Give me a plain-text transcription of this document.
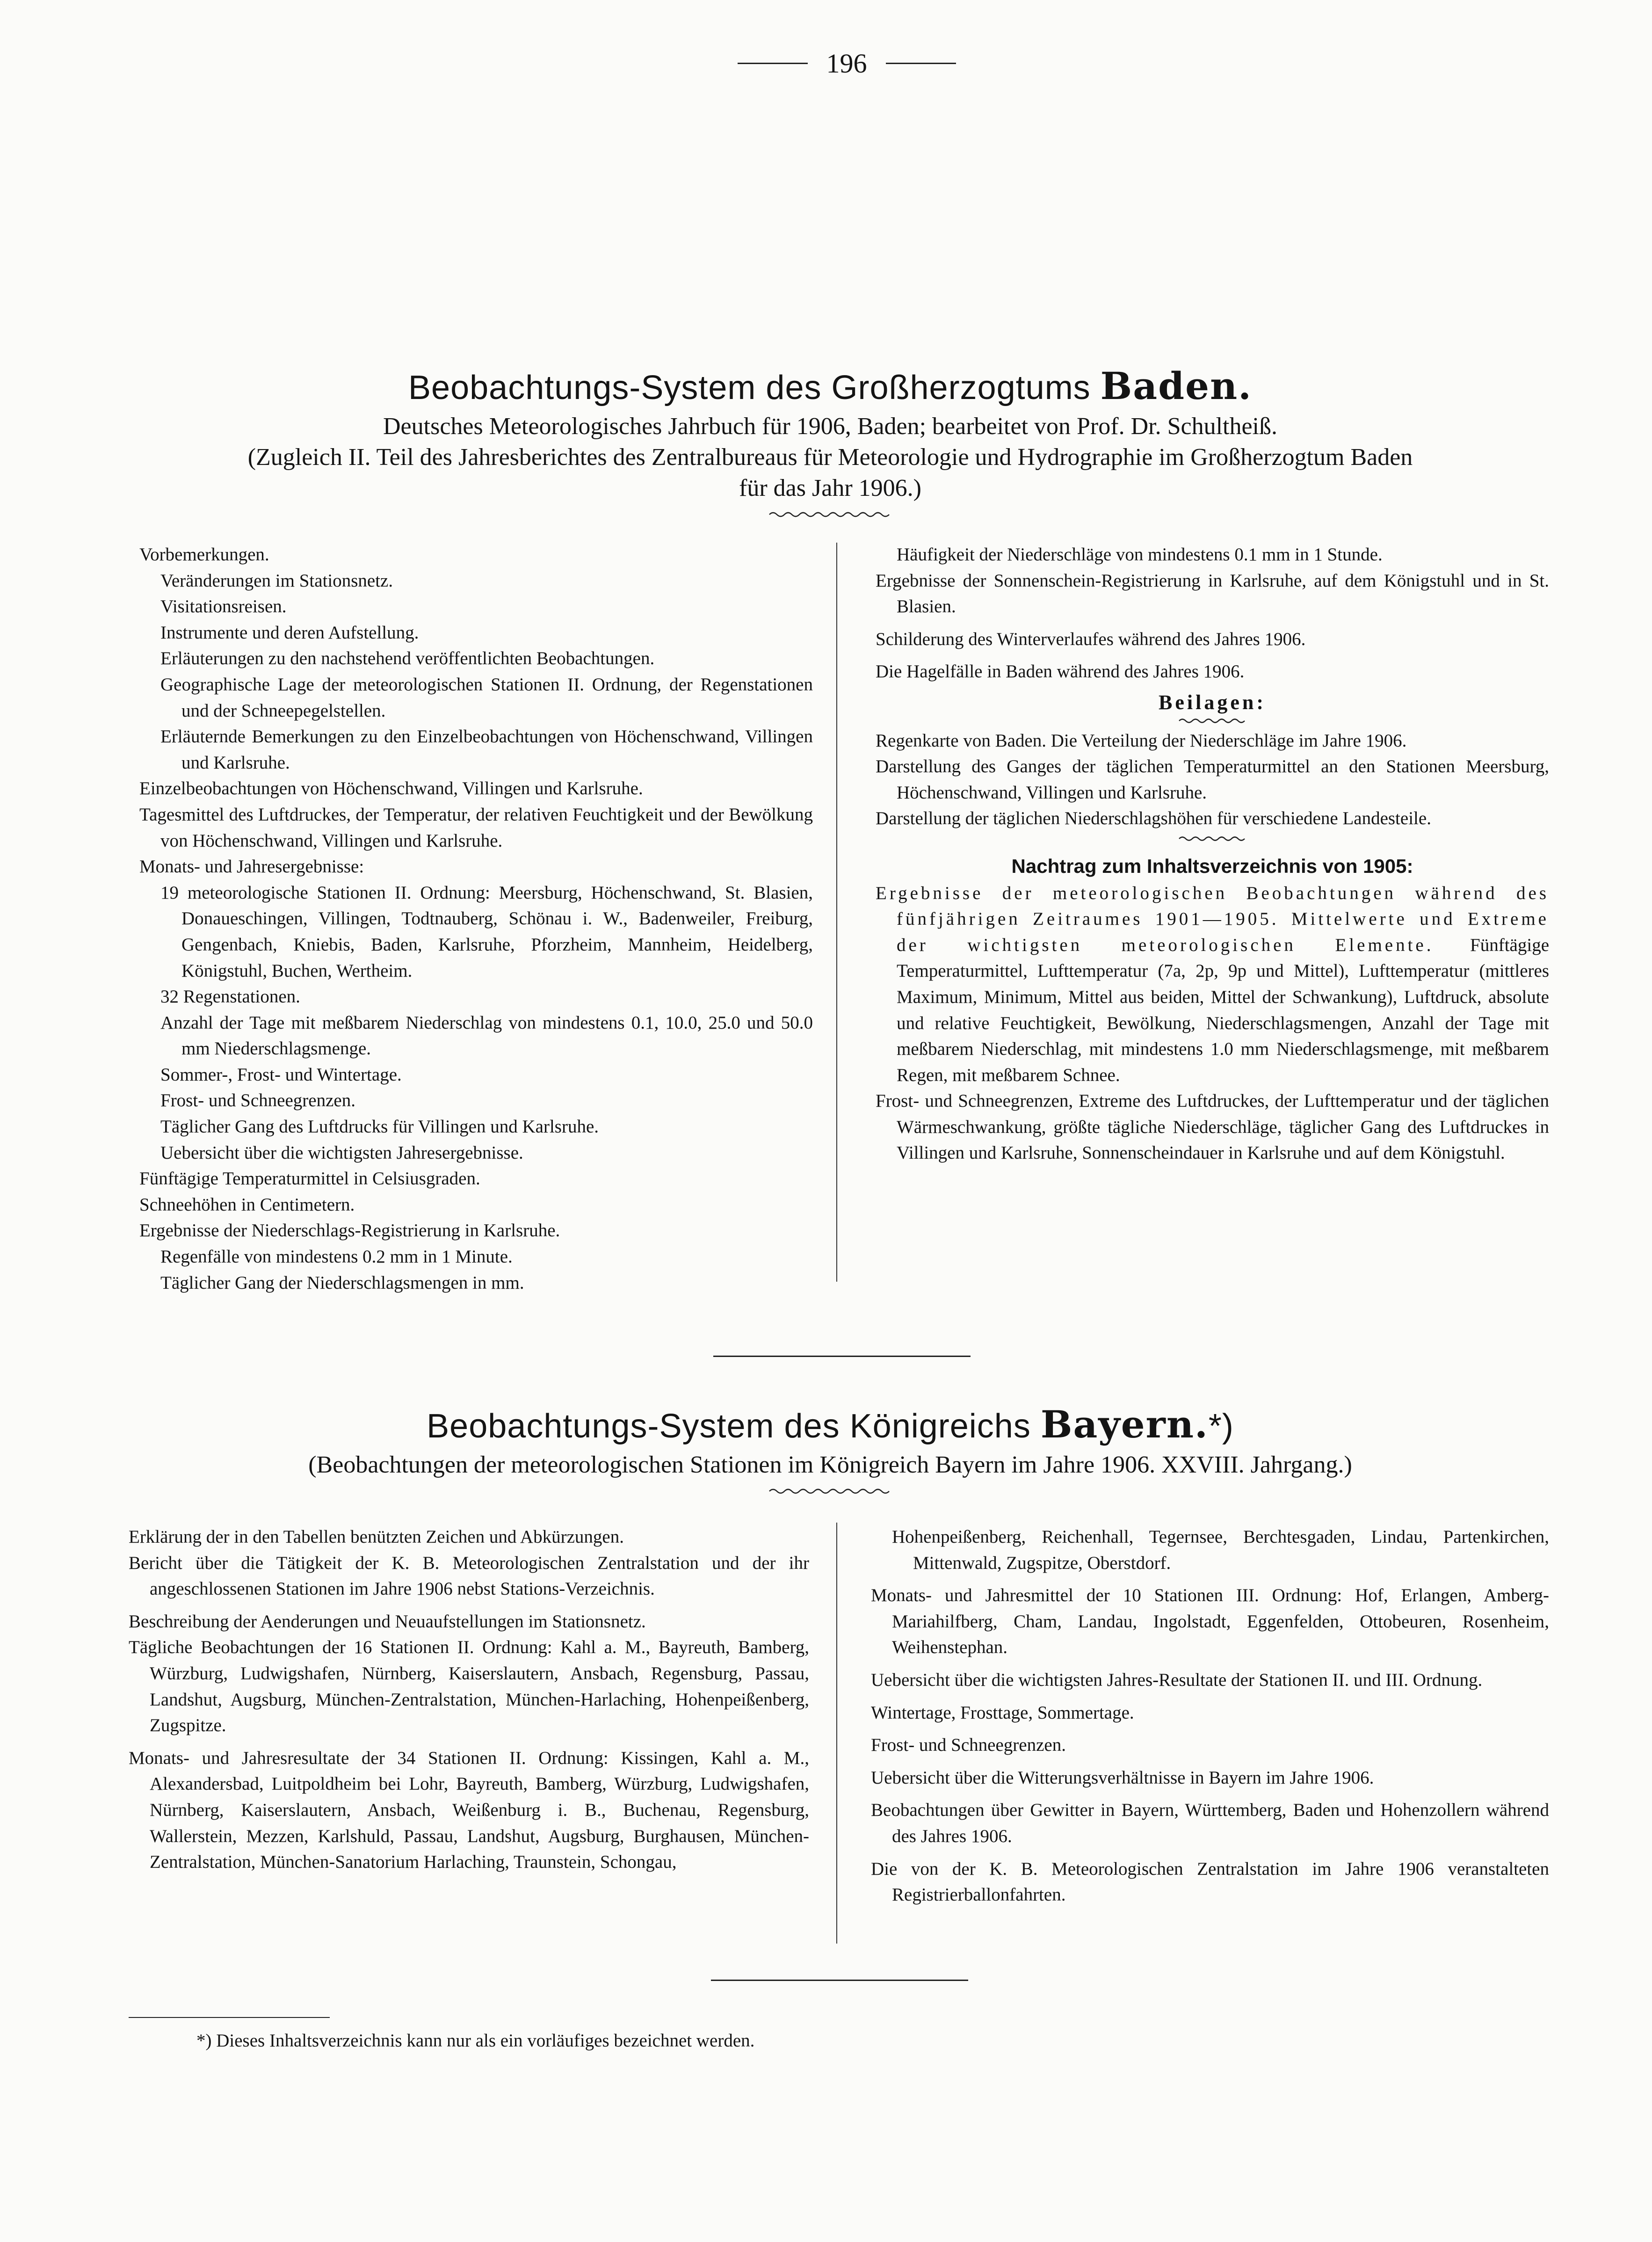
196
Beobachtungs-System des Großherzogtums Baden.
Deutsches Meteorologisches Jahrbuch für 1906, Baden; bearbeitet von Prof. Dr. Schultheiß.
(Zugleich II. Teil des Jahresberichtes des Zentralbureaus für Meteorologie und Hydrographie im Großherzogtum Baden
für das Jahr 1906.)

Vorbemerkungen.

Veränderungen im Stationsnetz.

Visitationsreisen.

Instrumente und deren Aufstellung.

Erläuterungen zu den nachstehend veröffentlichten Beobachtungen.

Geographische Lage der meteorologischen Stationen II. Ordnung, der Regenstationen und der Schneepegelstellen.

Erläuternde Bemerkungen zu den Einzelbeobachtungen von Höchenschwand, Villingen und Karlsruhe.

Einzelbeobachtungen von Höchenschwand, Villingen und Karlsruhe.

Tagesmittel des Luftdruckes, der Temperatur, der relativen Feuchtigkeit und der Bewölkung von Höchenschwand, Villingen und Karlsruhe.

Monats- und Jahresergebnisse:

19 meteorologische Stationen II. Ordnung: Meersburg, Höchenschwand, St. Blasien, Donaueschingen, Villingen, Todtnauberg, Schönau i. W., Badenweiler, Freiburg, Gengenbach, Kniebis, Baden, Karlsruhe, Pforzheim, Mannheim, Heidelberg, Königstuhl, Buchen, Wertheim.

32 Regenstationen.

Anzahl der Tage mit meßbarem Niederschlag von mindestens 0.1, 10.0, 25.0 und 50.0 mm Niederschlagsmenge.

Sommer-, Frost- und Wintertage.

Frost- und Schneegrenzen.

Täglicher Gang des Luftdrucks für Villingen und Karlsruhe.

Uebersicht über die wichtigsten Jahresergebnisse.

Fünftägige Temperaturmittel in Celsiusgraden.

Schneehöhen in Centimetern.

Ergebnisse der Niederschlags-Registrierung in Karlsruhe.

Regenfälle von mindestens 0.2 mm in 1 Minute.

Täglicher Gang der Niederschlagsmengen in mm.

Häufigkeit der Niederschläge von mindestens 0.1 mm in 1 Stunde.

Ergebnisse der Sonnenschein-Registrierung in Karlsruhe, auf dem Königstuhl und in St. Blasien.

Schilderung des Winterverlaufes während des Jahres 1906.

Die Hagelfälle in Baden während des Jahres 1906.

Beilagen:

Regenkarte von Baden. Die Verteilung der Niederschläge im Jahre 1906.

Darstellung des Ganges der täglichen Temperaturmittel an den Stationen Meersburg, Höchenschwand, Villingen und Karlsruhe.

Darstellung der täglichen Niederschlagshöhen für verschiedene Landesteile.

Nachtrag zum Inhaltsverzeichnis von 1905:

Ergebnisse der meteorologischen Beobachtungen während des fünfjährigen Zeitraumes 1901—1905. Mittelwerte und Extreme der wichtigsten meteorologischen Elemente. Fünftägige Temperaturmittel, Lufttemperatur (7a, 2p, 9p und Mittel), Lufttemperatur (mittleres Maximum, Minimum, Mittel aus beiden, Mittel der Schwankung), Luftdruck, absolute und relative Feuchtigkeit, Bewölkung, Niederschlagsmengen, Anzahl der Tage mit meßbarem Niederschlag, mit mindestens 1.0 mm Niederschlagsmenge, mit meßbarem Regen, mit meßbarem Schnee.

Frost- und Schneegrenzen, Extreme des Luftdruckes, der Lufttemperatur und der täglichen Wärmeschwankung, größte tägliche Niederschläge, täglicher Gang des Luftdruckes in Villingen und Karlsruhe, Sonnenscheindauer in Karlsruhe und auf dem Königstuhl.

Beobachtungs-System des Königreichs Bayern.*)
(Beobachtungen der meteorologischen Stationen im Königreich Bayern im Jahre 1906. XXVIII. Jahrgang.)

Erklärung der in den Tabellen benützten Zeichen und Abkürzungen.

Bericht über die Tätigkeit der K. B. Meteorologischen Zentralstation und der ihr angeschlossenen Stationen im Jahre 1906 nebst Stations-Verzeichnis.

Beschreibung der Aenderungen und Neuaufstellungen im Stationsnetz.

Tägliche Beobachtungen der 16 Stationen II. Ordnung: Kahl a. M., Bayreuth, Bamberg, Würzburg, Ludwigshafen, Nürnberg, Kaiserslautern, Ansbach, Regensburg, Passau, Landshut, Augsburg, München-Zentralstation, München-Harlaching, Hohenpeißenberg, Zugspitze.

Monats- und Jahresresultate der 34 Stationen II. Ordnung: Kissingen, Kahl a. M., Alexandersbad, Luitpoldheim bei Lohr, Bayreuth, Bamberg, Würzburg, Ludwigshafen, Nürnberg, Kaiserslautern, Ansbach, Weißenburg i. B., Buchenau, Regensburg, Wallerstein, Mezzen, Karlshuld, Passau, Landshut, Augsburg, Burghausen, München-Zentralstation, München-Sanatorium Harlaching, Traunstein, Schongau,

Hohenpeißenberg, Reichenhall, Tegernsee, Berchtesgaden, Lindau, Partenkirchen, Mittenwald, Zugspitze, Oberstdorf.

Monats- und Jahresmittel der 10 Stationen III. Ordnung: Hof, Erlangen, Amberg-Mariahilfberg, Cham, Landau, Ingolstadt, Eggenfelden, Ottobeuren, Rosenheim, Weihenstephan.

Uebersicht über die wichtigsten Jahres-Resultate der Stationen II. und III. Ordnung.

Wintertage, Frosttage, Sommertage.

Frost- und Schneegrenzen.

Uebersicht über die Witterungsverhältnisse in Bayern im Jahre 1906.

Beobachtungen über Gewitter in Bayern, Württemberg, Baden und Hohenzollern während des Jahres 1906.

Die von der K. B. Meteorologischen Zentralstation im Jahre 1906 veranstalteten Registrierballonfahrten.

*) Dieses Inhaltsverzeichnis kann nur als ein vorläufiges bezeichnet werden.
